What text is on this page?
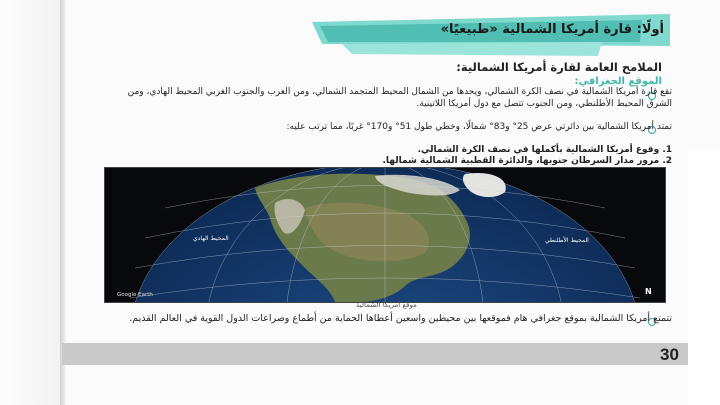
أولًا: قارة أمريكا الشمالية «طبيعيًا»
الملامح العامة لقارة أمريكا الشمالية:
الموقع الجغرافي:
تقع قارة أمريكا الشمالية في نصف الكرة الشمالي، ويحدها من الشمال المحيط المتجمد الشمالي، ومن الغرب والجنوب الغربي المحيط الهادي، ومن الشرق المحيط الأطلنطي، ومن الجنوب تتصل مع دول أمريكا اللاتينية.
تمتد أمريكا الشمالية بين دائرتي عرض 25° و83° شمالًا، وخطي طول 51° و170° غربًا، مما ترتب عليه:
1. وقوع أمريكا الشمالية بأكملها في نصف الكرة الشمالي.
2. مرور مدار السرطان جنوبها، والدائرة القطبية الشمالية شمالها.
المحيط الهادي	المحيط الأطلنطي
Google Earth	N
موقع أمريكا الشمالية
تتمتع أمريكا الشمالية بموقع جغرافي هام فموقعها بين محيطين واسعين أعطاها الحماية من أطماع وصراعات الدول القوية في العالم القديم.
30
